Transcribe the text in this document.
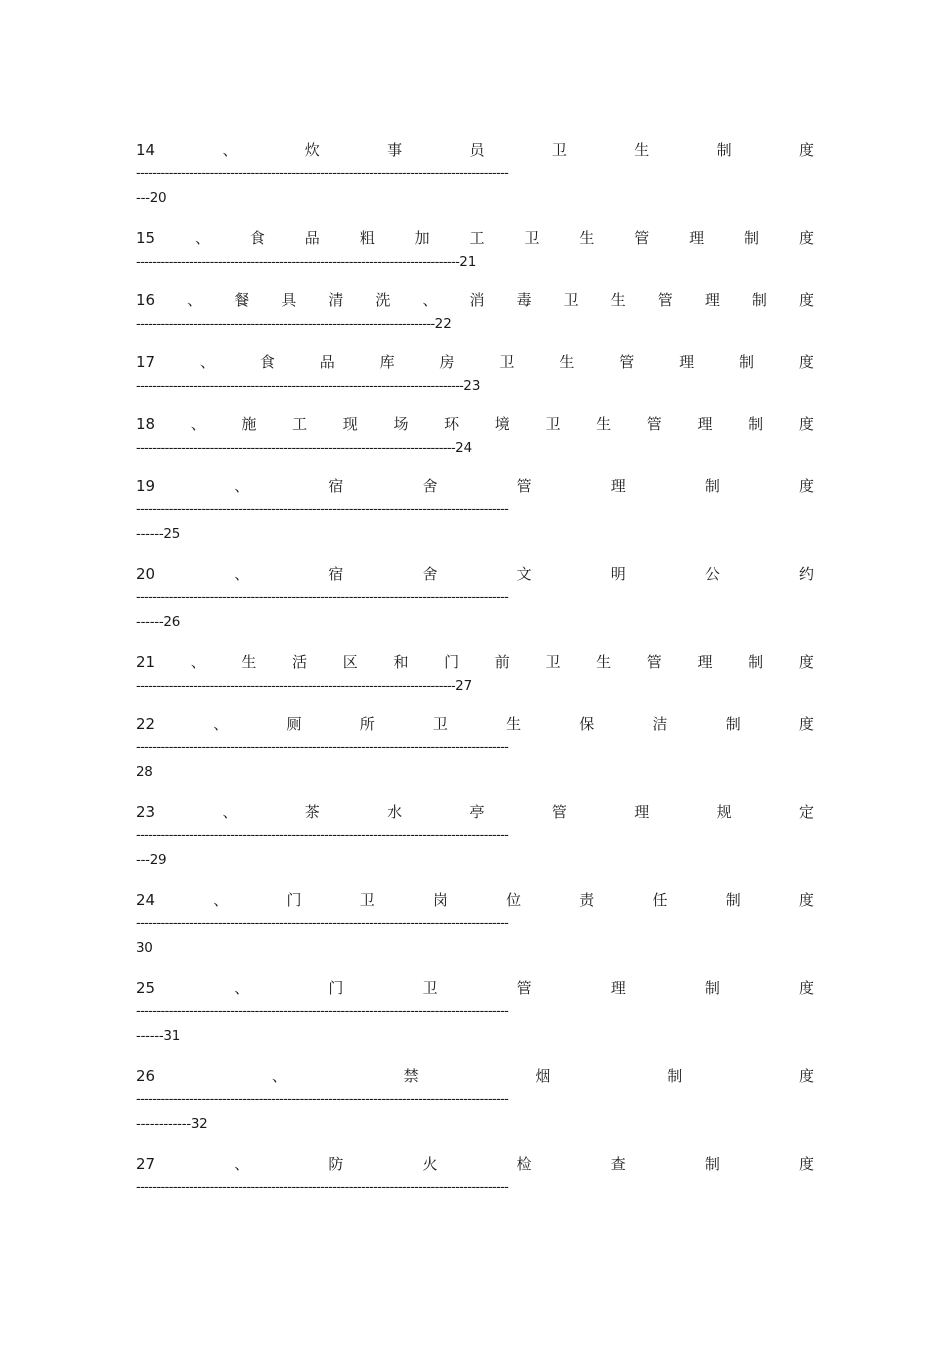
14	、	炊	事	员	卫	生	制	度
-------------------------------------------------------------------------------------------
---20
15	、	食	品	粗	加	工	卫	生	管	理	制	度
-------------------------------------------------------------------------------21
16 、 餐 具 清 洗 、 消 毒 卫 生 管 理 制 度
-------------------------------------------------------------------------22
17	、	食	品	库	房	卫	生	管	理	制	度
--------------------------------------------------------------------------------23
18 、 施 工 现 场 环 境 卫 生 管 理 制 度
------------------------------------------------------------------------------24
19	、	宿	舍	管	理	制	度
-------------------------------------------------------------------------------------------
------25
20	、	宿	舍	文	明	公	约
-------------------------------------------------------------------------------------------
------26
21 、 生 活 区 和 门 前 卫 生 管 理 制 度
------------------------------------------------------------------------------27
22	、	厕	所	卫	生	保	洁	制	度
-------------------------------------------------------------------------------------------
28
23	、	茶	水	亭	管	理	规	定
-------------------------------------------------------------------------------------------
---29
24	、	门	卫	岗	位	责	任	制	度
-------------------------------------------------------------------------------------------
30
25	、	门	卫	管	理	制	度
-------------------------------------------------------------------------------------------
------31
26	、	禁	烟	制	度
-------------------------------------------------------------------------------------------
------------32
27	、	防	火	检	查	制	度
-------------------------------------------------------------------------------------------
